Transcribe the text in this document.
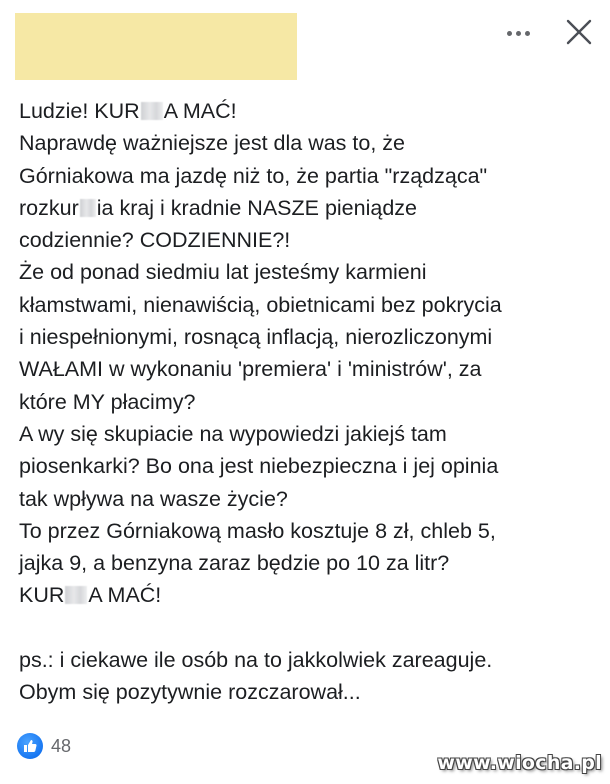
Ludzie! KUR A MAĆ!

Naprawdę ważniejsze jest dla was to, że

Górniakowa ma jazdę niż to, że partia "rządząca"

rozkur ia kraj i kradnie NASZE pieniądze

codziennie? CODZIENNIE?!

Że od ponad siedmiu lat jesteśmy karmieni

kłamstwami, nienawiścią, obietnicami bez pokrycia

i niespełnionymi, rosnącą inflacją, nierozliczonymi

WAŁAMI w wykonaniu 'premiera' i 'ministrów', za

które MY płacimy?

A wy się skupiacie na wypowiedzi jakiejś tam

piosenkarki? Bo ona jest niebezpieczna i jej opinia

tak wpływa na wasze życie?

To przez Górniakową masło kosztuje 8 zł, chleb 5,

jajka 9, a benzyna zaraz będzie po 10 za litr?

KUR A MAĆ!

ps.: i ciekawe ile osób na to jakkolwiek zareaguje.

Obym się pozytywnie rozczarował...

48
www.wiocha.pl
